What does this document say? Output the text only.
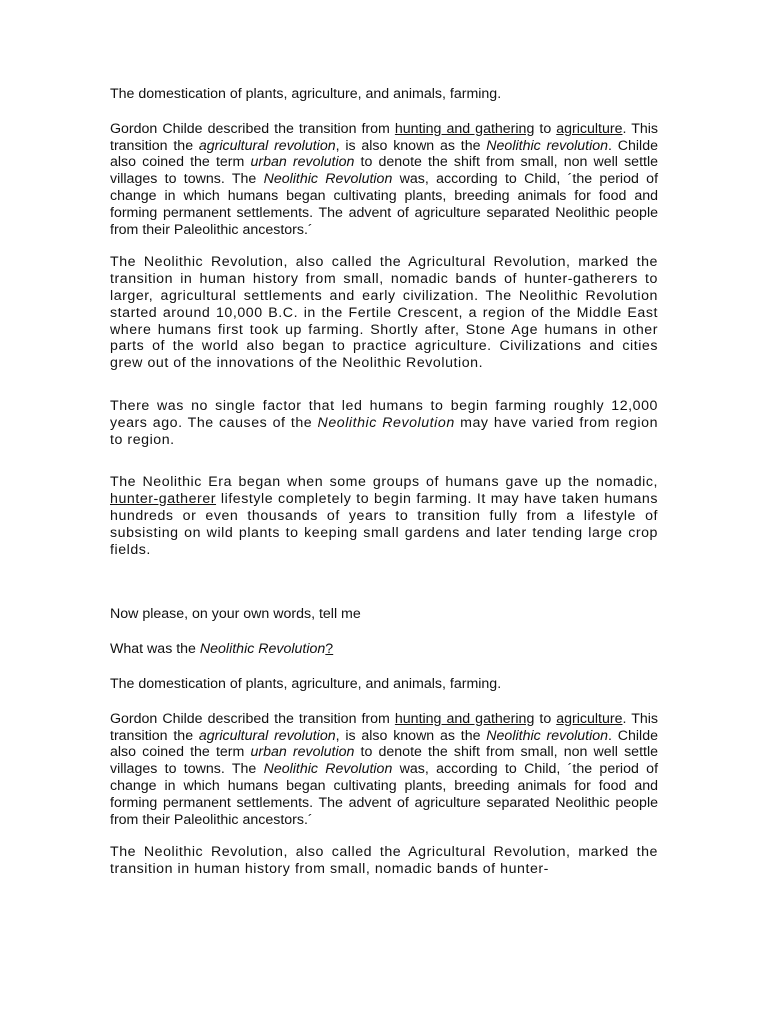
The domestication of plants, agriculture, and animals, farming.

Gordon Childe described the transition from hunting and gathering to agriculture. This transition the agricultural revolution, is also known as the Neolithic revolution. Childe also coined the term urban revolution to denote the shift from small, non well settle villages to towns. The Neolithic Revolution was, according to Child, ´the period of change in which humans began cultivating plants, breeding animals for food and forming permanent settlements. The advent of agriculture separated Neolithic people from their Paleolithic ancestors.´

The Neolithic Revolution, also called the Agricultural Revolution, marked the transition in human history from small, nomadic bands of hunter-gatherers to larger, agricultural settlements and early civilization. The Neolithic Revolution started around 10,000 B.C. in the Fertile Crescent, a region of the Middle East where humans first took up farming. Shortly after, Stone Age humans in other parts of the world also began to practice agriculture. Civilizations and cities grew out of the innovations of the Neolithic Revolution.

There was no single factor that led humans to begin farming roughly 12,000 years ago. The causes of the Neolithic Revolution may have varied from region to region.

The Neolithic Era began when some groups of humans gave up the nomadic, hunter-gatherer lifestyle completely to begin farming. It may have taken humans hundreds or even thousands of years to transition fully from a lifestyle of subsisting on wild plants to keeping small gardens and later tending large crop fields.

Now please, on your own words, tell me

What was the Neolithic Revolution?

The domestication of plants, agriculture, and animals, farming.

Gordon Childe described the transition from hunting and gathering to agriculture. This transition the agricultural revolution, is also known as the Neolithic revolution. Childe also coined the term urban revolution to denote the shift from small, non well settle villages to towns. The Neolithic Revolution was, according to Child, ´the period of change in which humans began cultivating plants, breeding animals for food and forming permanent settlements. The advent of agriculture separated Neolithic people from their Paleolithic ancestors.´

The Neolithic Revolution, also called the Agricultural Revolution, marked the transition in human history from small, nomadic bands of hunter-
